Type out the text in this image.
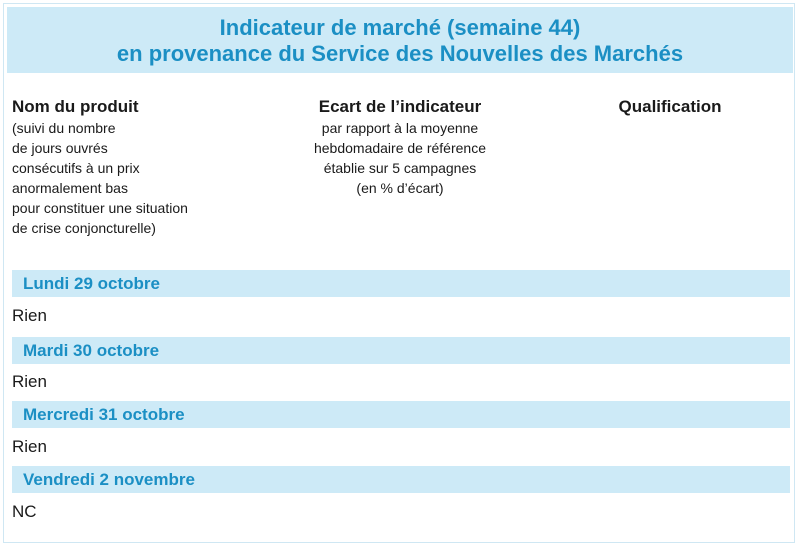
Indicateur de marché (semaine 44)
en provenance du Service des Nouvelles des Marchés
Nom du produit
(suivi du nombre
de jours ouvrés
consécutifs à un prix
anormalement bas
pour constituer une situation
de crise conjoncturelle)
Ecart de l’indicateur
par rapport à la moyenne
hebdomadaire de référence
établie sur 5 campagnes
(en % d’écart)
Qualification
Lundi 29 octobre
Rien
Mardi 30 octobre
Rien
Mercredi 31 octobre
Rien
Vendredi 2 novembre
NC
